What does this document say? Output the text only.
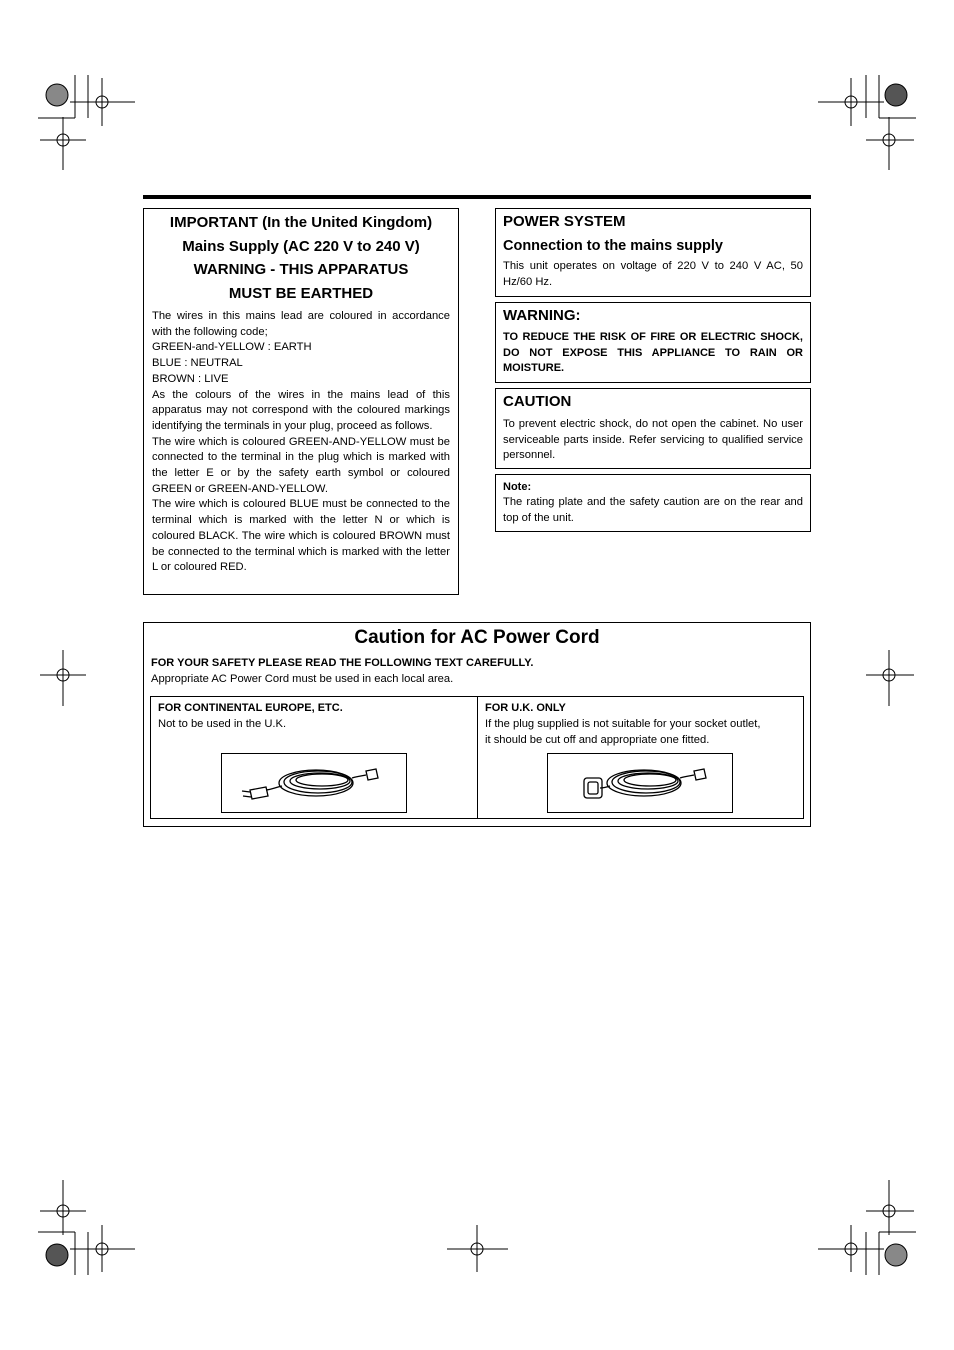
IMPORTANT (In the United Kingdom)
Mains Supply (AC 220 V to 240 V)
WARNING - THIS APPARATUS
MUST BE EARTHED

The wires in this mains lead are coloured in accordance with the following code;

GREEN-and-YELLOW : EARTH

BLUE : NEUTRAL

BROWN : LIVE

As the colours of the wires in the mains lead of this apparatus may not correspond with the coloured markings identifying the terminals in your plug, proceed as follows.

The wire which is coloured GREEN-AND-YELLOW must be connected to the terminal in the plug which is marked with the letter E or by the safety earth symbol or coloured GREEN or GREEN-AND-YELLOW.

The wire which is coloured BLUE must be connected to the terminal which is marked with the letter N or which is coloured BLACK. The wire which is coloured BROWN must be connected to the terminal which is marked with the letter L or coloured RED.

POWER SYSTEM
Connection to the mains supply
This unit operates on voltage of 220 V to 240 V AC, 50 Hz/60 Hz.
WARNING:
TO REDUCE THE RISK OF FIRE OR ELECTRIC SHOCK, DO NOT EXPOSE THIS APPLIANCE TO RAIN OR MOISTURE.
CAUTION
To prevent electric shock, do not open the cabinet. No user serviceable parts inside. Refer servicing to qualified service personnel.
Note:
The rating plate and the safety caution are on the rear and top of the unit.
Caution for AC Power Cord
FOR YOUR SAFETY PLEASE READ THE FOLLOWING TEXT CAREFULLY.
Appropriate AC Power Cord must be used in each local area.
FOR CONTINENTAL EUROPE, ETC.
Not to be used in the U.K.
FOR U.K. ONLY
If the plug supplied is not suitable for your socket outlet,
it should be cut off and appropriate one fitted.
